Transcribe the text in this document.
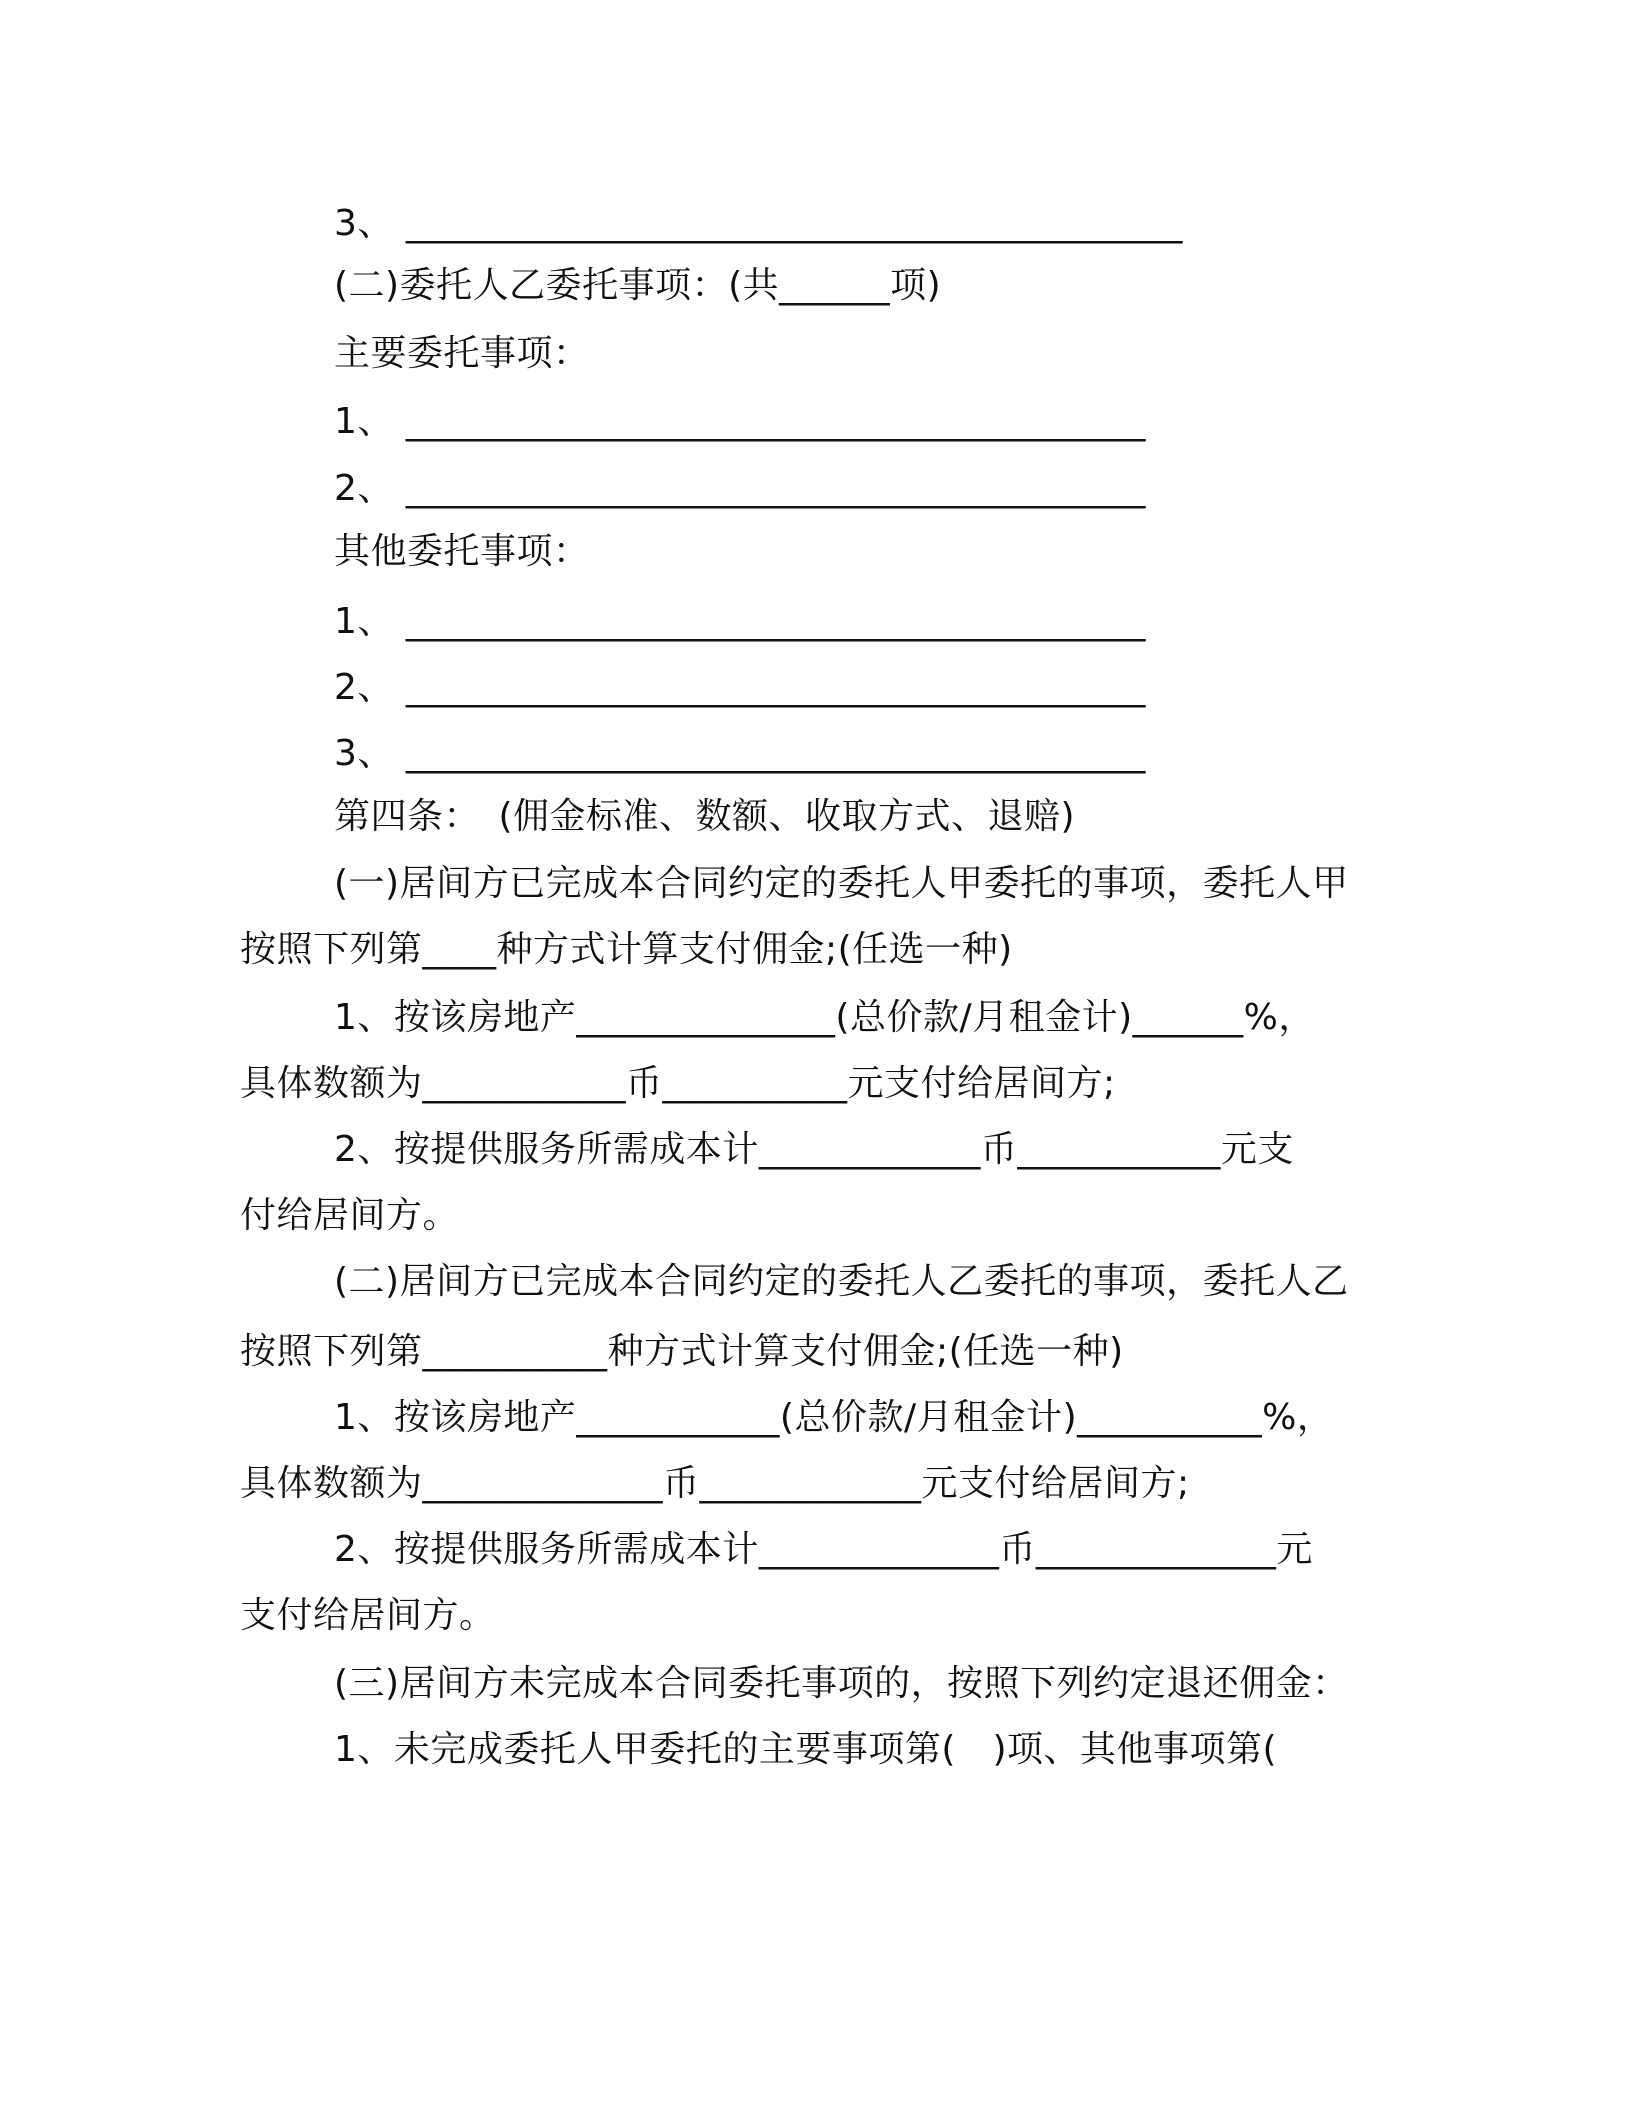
3、 __________________________________________
(二)委托人乙委托事项：(共______项)
主要委托事项：
1、 ________________________________________
2、 ________________________________________
其他委托事项：
1、 ________________________________________
2、 ________________________________________
3、 ________________________________________
第四条：　(佣金标准、数额、收取方式、退赔)
(一)居间方已完成本合同约定的委托人甲委托的事项，委托人甲
按照下列第____种方式计算支付佣金;(任选一种)
1、按该房地产______________(总价款/月租金计)______%，
具体数额为___________币__________元支付给居间方;
2、按提供服务所需成本计____________币___________元支
付给居间方。
(二)居间方已完成本合同约定的委托人乙委托的事项，委托人乙
按照下列第__________种方式计算支付佣金;(任选一种)
1、按该房地产___________(总价款/月租金计)__________%，
具体数额为_____________币____________元支付给居间方;
2、按提供服务所需成本计_____________币_____________元
支付给居间方。
(三)居间方未完成本合同委托事项的，按照下列约定退还佣金：
1、未完成委托人甲委托的主要事项第(　)项、其他事项第(
